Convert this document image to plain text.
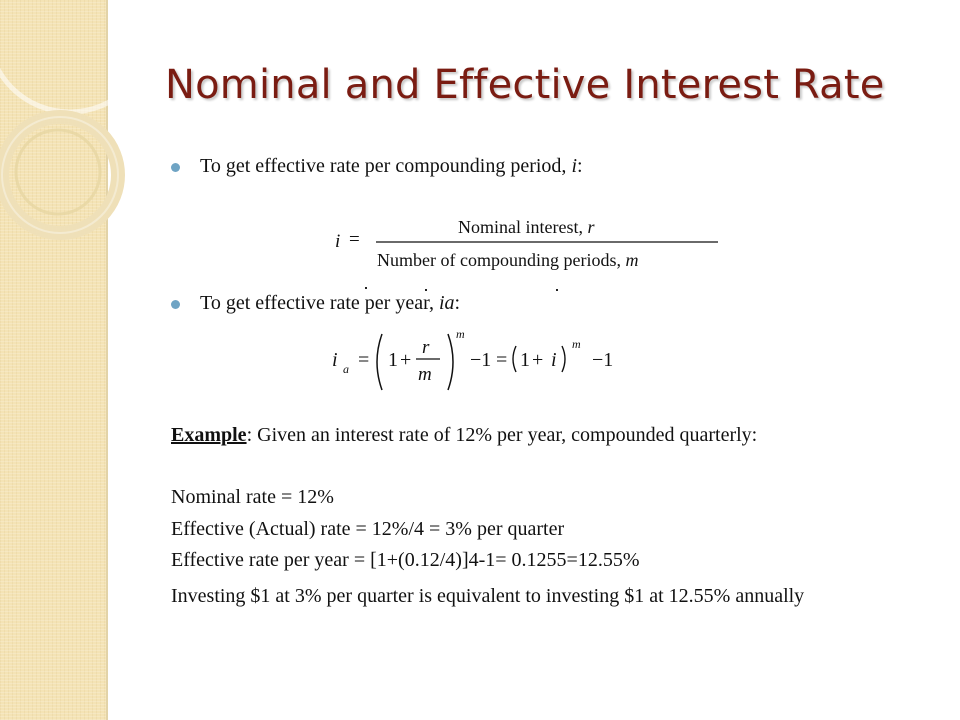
Nominal and Effective Interest Rate
To get effective rate per compounding period, i:
i =
Nominal interest, r
Number of compounding periods, m
To get effective rate per year, ia:
i a = 1 +
r
m
m
−1 = 1 + i
m
−1
Example: Given an interest rate of 12% per year, compounded quarterly:
Nominal rate = 12%
Effective (Actual) rate = 12%/4 = 3% per quarter
Effective rate per year = [1+(0.12/4)]4-1= 0.1255=12.55%
Investing $1 at 3% per quarter is equivalent to investing $1 at 12.55% annually
